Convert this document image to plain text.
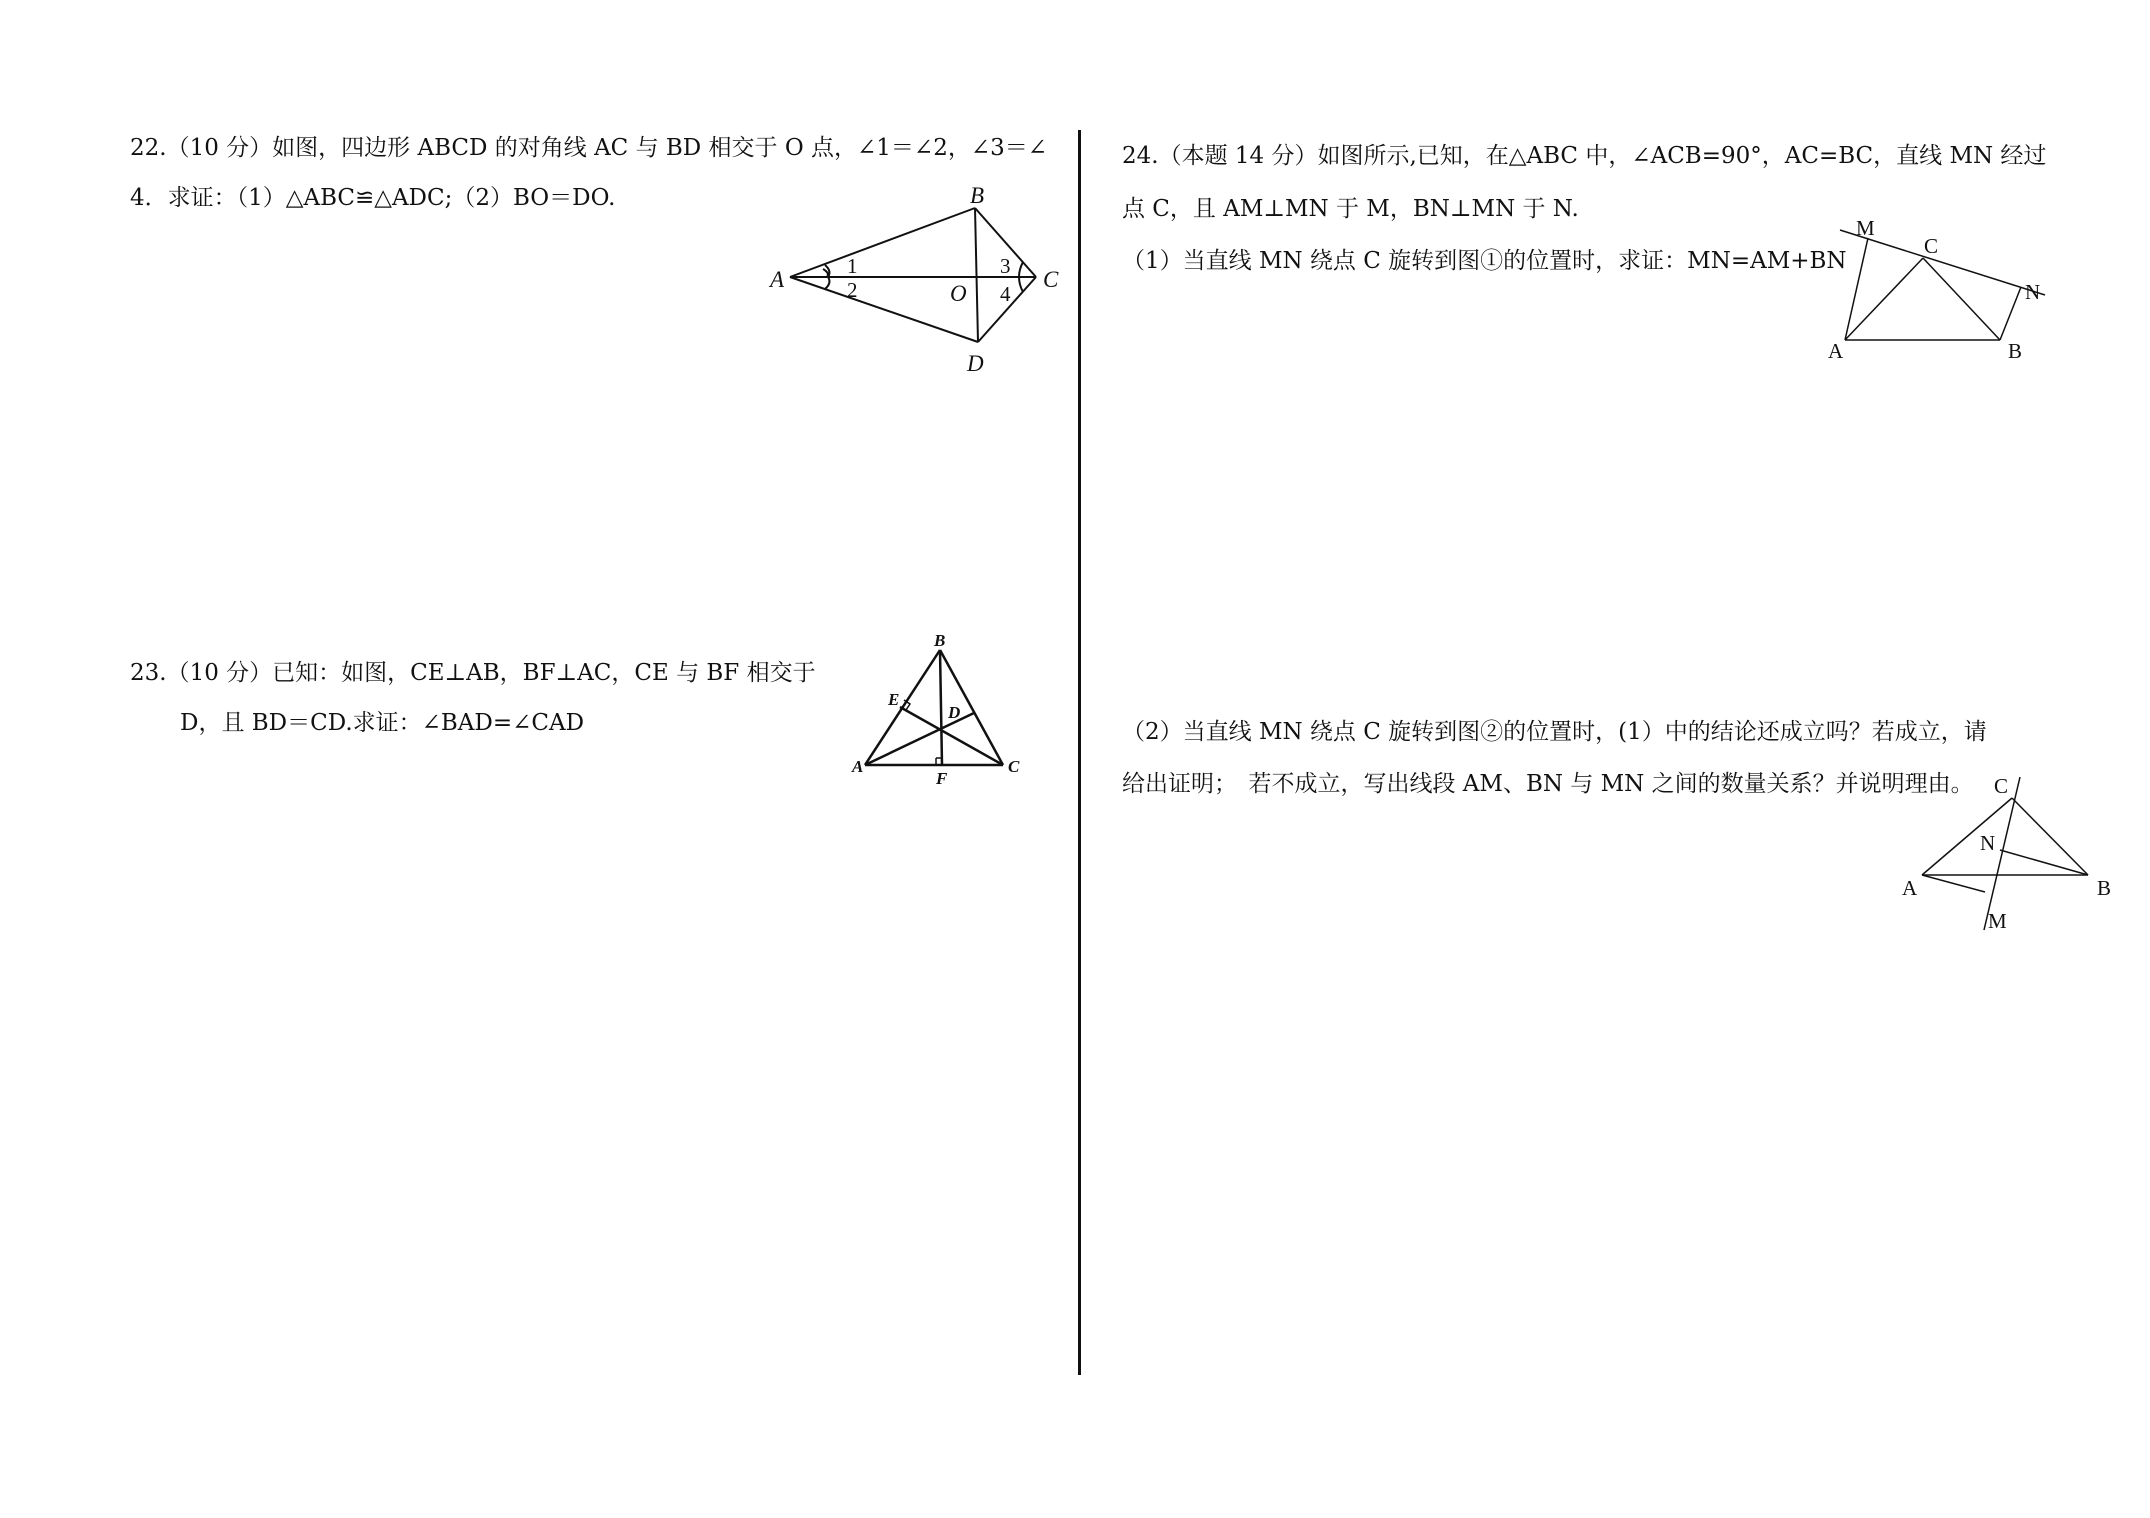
22.（10 分）如图，四边形 ABCD 的对角线 AC 与 BD 相交于 O 点，∠1＝∠2，∠3＝∠
4．求证：（1）△ABC≌△ADC;（2）BO＝DO.
A
B
C
D
O
1
2
3
4
23.（10 分）已知：如图，CE⊥AB，BF⊥AC，CE 与 BF 相交于
D，且 BD＝CD.求证：∠BAD=∠CAD
B
E
D
A
F
C
24.（本题 14 分）如图所示,已知，在△ABC 中，∠ACB=90°，AC=BC，直线 MN 经过
点 C，且 AM⊥MN 于 M，BN⊥MN 于 N.
（1）当直线 MN 绕点 C 旋转到图①的位置时，求证：MN=AM+BN
M
C
N
A	B
（2）当直线 MN 绕点 C 旋转到图②的位置时，(1）中的结论还成立吗？若成立，请
给出证明；　若不成立，写出线段 AM、BN 与 MN 之间的数量关系？并说明理由。 C
N
A	B
M
